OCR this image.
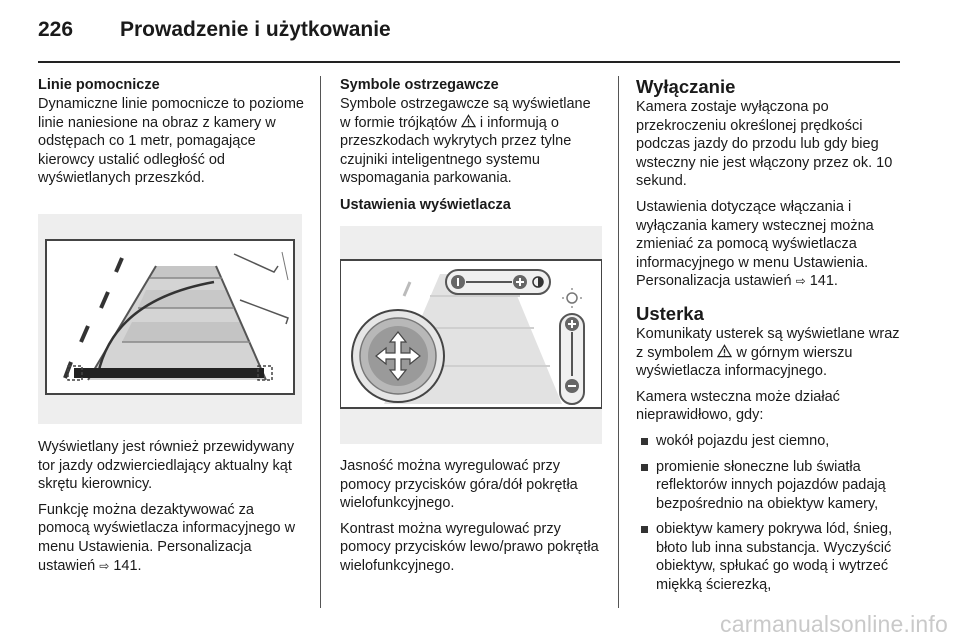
226 Prowadzenie i użytkowanie
Linie pomocnicze

Dynamiczne linie pomocnicze to poziome linie naniesione na obraz z kamery w odstępach co 1 metr, pomagające kierowcy ustalić odległość od wyświetlanych przeszkód.

Wyświetlany jest również przewidywany tor jazdy odzwierciedlający aktualny kąt skrętu kierownicy.

Funkcję można dezaktywować za pomocą wyświetlacza informacyjnego w menu Ustawienia. Personalizacja ustawień ⇨ 141.

Symbole ostrzegawcze

Symbole ostrzegawcze są wyświetlane w formie trójkątów i informują o przeszkodach wykrytych przez tylne czujniki inteligentnego systemu wspomagania parkowania.

Ustawienia wyświetlacza

Jasność można wyregulować przy pomocy przycisków góra/dół pokrętła wielofunkcyjnego.

Kontrast można wyregulować przy pomocy przycisków lewo/prawo pokrętła wielofunkcyjnego.

Wyłączanie

Kamera zostaje wyłączona po przekroczeniu określonej prędkości podczas jazdy do przodu lub gdy bieg wsteczny nie jest włączony przez ok. 10 sekund.

Ustawienia dotyczące włączania i wyłączania kamery wstecznej można zmieniać za pomocą wyświetlacza informacyjnego w menu Ustawienia. Personalizacja ustawień ⇨ 141.

Usterka

Komunikaty usterek są wyświetlane wraz z symbolem w górnym wierszu wyświetlacza informacyjnego.

Kamera wsteczna może działać nieprawidłowo, gdy:

wokół pojazdu jest ciemno,
promienie słoneczne lub światła reflektorów innych pojazdów padają bezpośrednio na obiektyw kamery,
obiektyw kamery pokrywa lód, śnieg, błoto lub inna substancja. Wyczyścić obiektyw, spłukać go wodą i wytrzeć miękką ścierezką,
carmanualsonline.info
